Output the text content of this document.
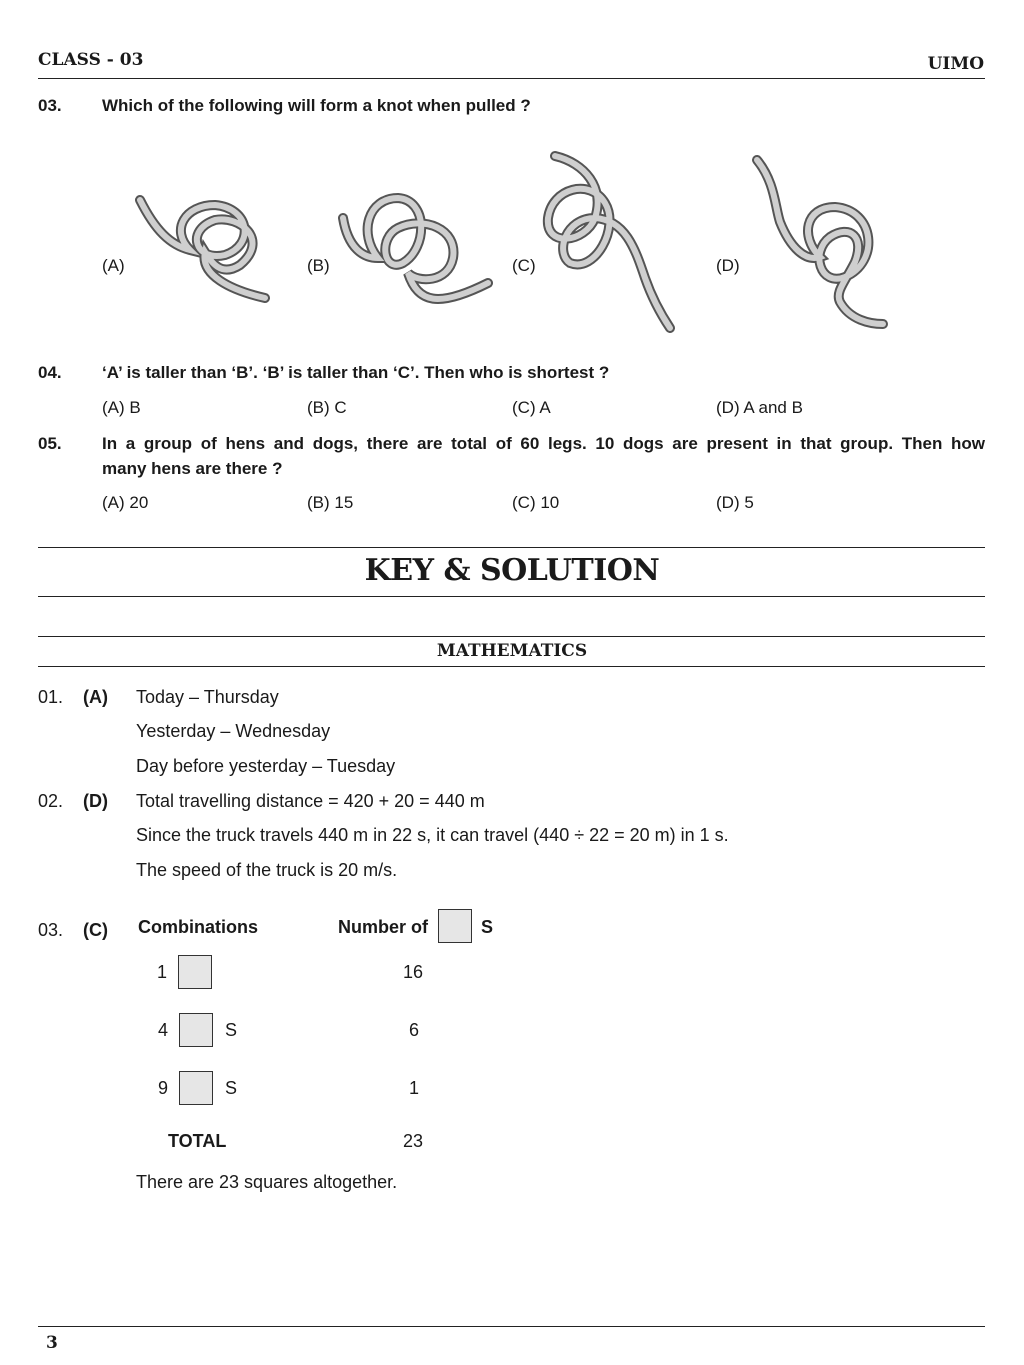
CLASS - 03	UIMO
03. Which of the following will form a knot when pulled ?
(A)	(B)	(C)	(D)
04. ‘A’ is taller than ‘B’. ‘B’ is taller than ‘C’. Then who is shortest ?
(A) B	(B) C	(C) A	(D) A and B
05. In a group of hens and dogs, there are total of 60 legs. 10 dogs are present in that group. Then how
many hens are there ?
(A) 20	(B) 15	(C) 10	(D) 5
KEY & SOLUTION
MATHEMATICS
01. (A) Today – Thursday
Yesterday – Wednesday
Day before yesterday – Tuesday
02. (D) Total travelling distance = 420 + 20 = 440 m
Since the truck travels 440 m in 22 s, it can travel (440 ÷ 22 = 20 m) in 1 s.
The speed of the truck is 20 m/s.
03. (C) Combinations	Number of	S
1	16
4	S	6
9	S	1
TOTAL	23
There are 23 squares altogether.
3
